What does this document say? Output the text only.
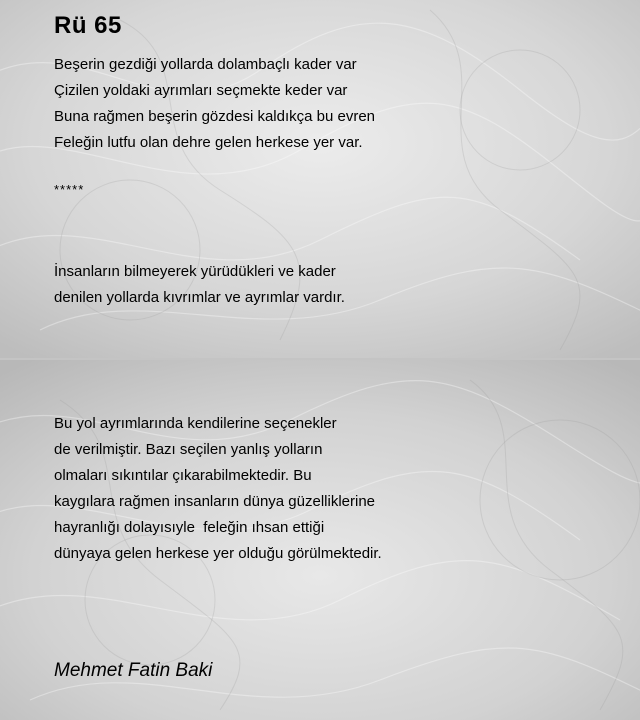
Rü 65
Beşerin gezdiği yollarda dolambaçlı kader var
Çizilen yoldaki ayrımları seçmekte keder var
Buna rağmen beşerin gözdesi kaldıkça bu evren
Feleğin lutfu olan dehre gelen herkese yer var.
*****
İnsanların bilmeyerek yürüdükleri ve kader
denilen yollarda kıvrımlar ve ayrımlar vardır.
Bu yol ayrımlarında kendilerine seçenekler
de verilmiştir. Bazı seçilen yanlış yolların
olmaları sıkıntılar çıkarabilmektedir. Bu
kaygılara rağmen insanların dünya güzelliklerine
hayranlığı dolayısıyle  feleğin ıhsan ettiği
dünyaya gelen herkese yer olduğu görülmektedir.
Mehmet Fatin Baki
